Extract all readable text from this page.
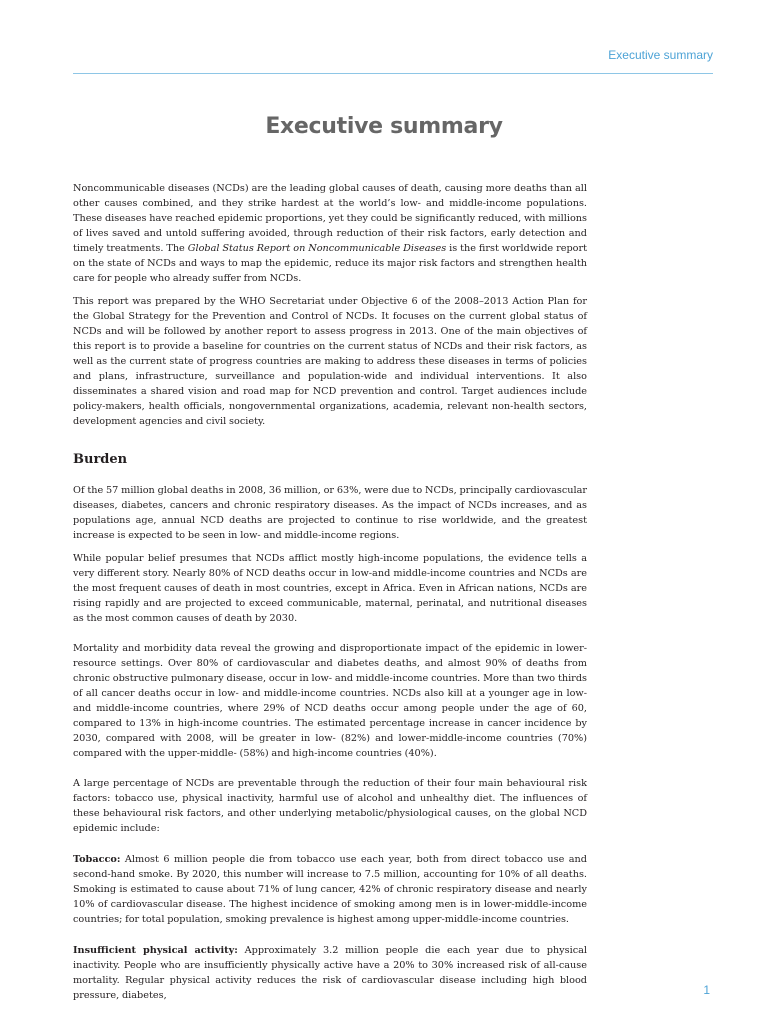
Executive summary
Executive summary

Noncommunicable diseases (NCDs) are the leading global causes of death, causing more deaths than all other causes combined, and they strike hardest at the world’s low- and middle-income populations. These diseases have reached epidemic proportions, yet they could be significantly reduced, with millions of lives saved and untold suffering avoided, through reduction of their risk factors, early detection and timely treatments. The Global Status Report on Noncommunicable Diseases is the first worldwide report on the state of NCDs and ways to map the epidemic, reduce its major risk factors and strengthen health care for people who already suffer from NCDs.

This report was prepared by the WHO Secretariat under Objective 6 of the 2008–2013 Action Plan for the Global Strategy for the Prevention and Control of NCDs. It focuses on the current global status of NCDs and will be followed by another report to assess progress in 2013. One of the main objectives of this report is to provide a baseline for countries on the current status of NCDs and their risk factors, as well as the current state of progress countries are making to address these diseases in terms of policies and plans, infrastructure, surveillance and population-wide and individual interventions. It also disseminates a shared vision and road map for NCD prevention and control. Target audiences include policy-makers, health officials, nongovernmental organizations, academia, relevant non-health sectors, development agencies and civil society.

Burden

Of the 57 million global deaths in 2008, 36 million, or 63%, were due to NCDs, principally cardiovascular diseases, diabetes, cancers and chronic respiratory diseases. As the impact of NCDs increases, and as populations age, annual NCD deaths are projected to continue to rise worldwide, and the greatest increase is expected to be seen in low- and middle-income regions.

While popular belief presumes that NCDs afflict mostly high-income populations, the evidence tells a very different story. Nearly 80% of NCD deaths occur in low-and middle-income countries and NCDs are the most frequent causes of death in most countries, except in Africa. Even in African nations, NCDs are rising rapidly and are projected to exceed communicable, maternal, perinatal, and nutritional diseases as the most common causes of death by 2030.

Mortality and morbidity data reveal the growing and disproportionate impact of the epidemic in lower-resource settings. Over 80% of cardiovascular and diabetes deaths, and almost 90% of deaths from chronic obstructive pulmonary disease, occur in low- and middle-income countries. More than two thirds of all cancer deaths occur in low- and middle-income countries. NCDs also kill at a younger age in low- and middle-income countries, where 29% of NCD deaths occur among people under the age of 60, compared to 13% in high-income countries. The estimated percentage increase in cancer incidence by 2030, compared with 2008, will be greater in low- (82%) and lower-middle-income countries (70%) compared with the upper-middle- (58%) and high-income countries (40%).

A large percentage of NCDs are preventable through the reduction of their four main behavioural risk factors: tobacco use, physical inactivity, harmful use of alcohol and unhealthy diet. The influences of these behavioural risk factors, and other underlying metabolic/physiological causes, on the global NCD epidemic include:

Tobacco: Almost 6 million people die from tobacco use each year, both from direct tobacco use and second-hand smoke. By 2020, this number will increase to 7.5 million, accounting for 10% of all deaths. Smoking is estimated to cause about 71% of lung cancer, 42% of chronic respiratory disease and nearly 10% of cardiovascular disease. The highest incidence of smoking among men is in lower-middle-income countries; for total population, smoking prevalence is highest among upper-middle-income countries.

Insufficient physical activity: Approximately 3.2 million people die each year due to physical inactivity. People who are insufficiently physically active have a 20% to 30% increased risk of all-cause mortality. Regular physical activity reduces the risk of cardiovascular disease including high blood pressure, diabetes,	1
